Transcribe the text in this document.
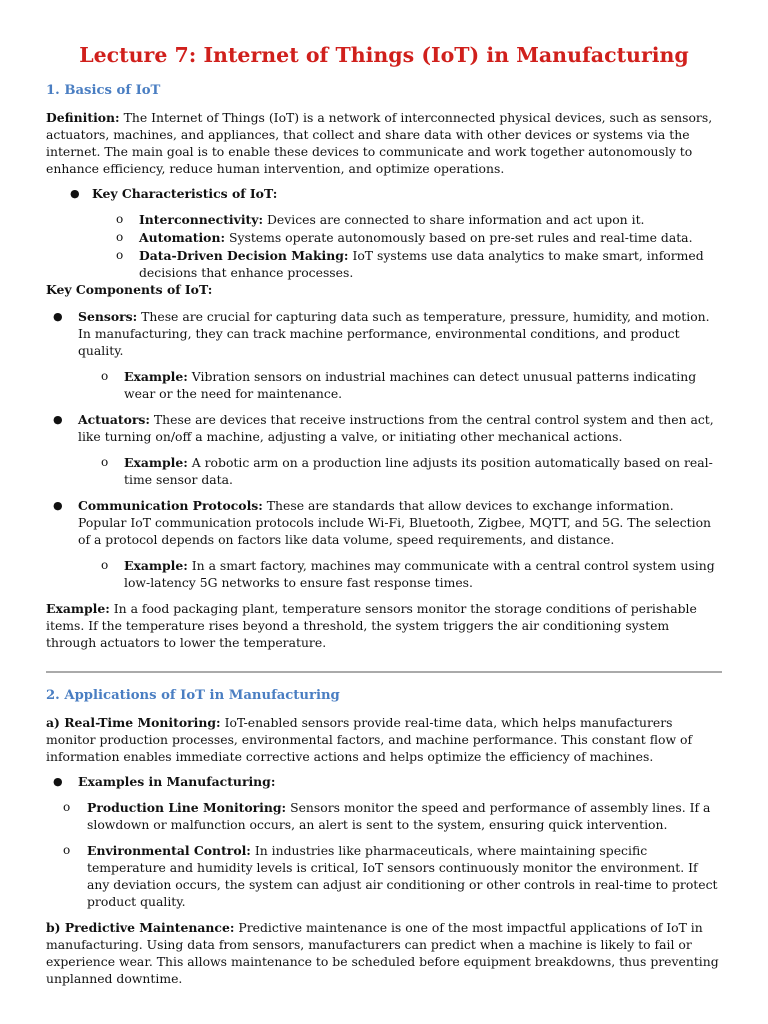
Lecture 7: Internet of Things (IoT) in Manufacturing
1. Basics of IoT

Definition: The Internet of Things (IoT) is a network of interconnected physical devices, such as sensors, actuators, machines, and appliances, that collect and share data with other devices or systems via the internet. The main goal is to enable these devices to communicate and work together autonomously to enhance efficiency, reduce human intervention, and optimize operations.

● Key Characteristics of IoT:
o Interconnectivity: Devices are connected to share information and act upon it.
o Automation: Systems operate autonomously based on pre-set rules and real-time data.
o Data-Driven Decision Making: IoT systems use data analytics to make smart, informed decisions that enhance processes.

Key Components of IoT:

● Sensors: These are crucial for capturing data such as temperature, pressure, humidity, and motion. In manufacturing, they can track machine performance, environmental conditions, and product quality.
o Example: Vibration sensors on industrial machines can detect unusual patterns indicating wear or the need for maintenance.
● Actuators: These are devices that receive instructions from the central control system and then act, like turning on/off a machine, adjusting a valve, or initiating other mechanical actions.
o Example: A robotic arm on a production line adjusts its position automatically based on real-time sensor data.
● Communication Protocols: These are standards that allow devices to exchange information. Popular IoT communication protocols include Wi-Fi, Bluetooth, Zigbee, MQTT, and 5G. The selection of a protocol depends on factors like data volume, speed requirements, and distance.
o Example: In a smart factory, machines may communicate with a central control system using low-latency 5G networks to ensure fast response times.

Example: In a food packaging plant, temperature sensors monitor the storage conditions of perishable items. If the temperature rises beyond a threshold, the system triggers the air conditioning system through actuators to lower the temperature.

2. Applications of IoT in Manufacturing

a) Real-Time Monitoring: IoT-enabled sensors provide real-time data, which helps manufacturers monitor production processes, environmental factors, and machine performance. This constant flow of information enables immediate corrective actions and helps optimize the efficiency of machines.

● Examples in Manufacturing:
o Production Line Monitoring: Sensors monitor the speed and performance of assembly lines. If a slowdown or malfunction occurs, an alert is sent to the system, ensuring quick intervention.
o Environmental Control: In industries like pharmaceuticals, where maintaining specific temperature and humidity levels is critical, IoT sensors continuously monitor the environment. If any deviation occurs, the system can adjust air conditioning or other controls in real-time to protect product quality.

b) Predictive Maintenance: Predictive maintenance is one of the most impactful applications of IoT in manufacturing. Using data from sensors, manufacturers can predict when a machine is likely to fail or experience wear. This allows maintenance to be scheduled before equipment breakdowns, thus preventing unplanned downtime.
